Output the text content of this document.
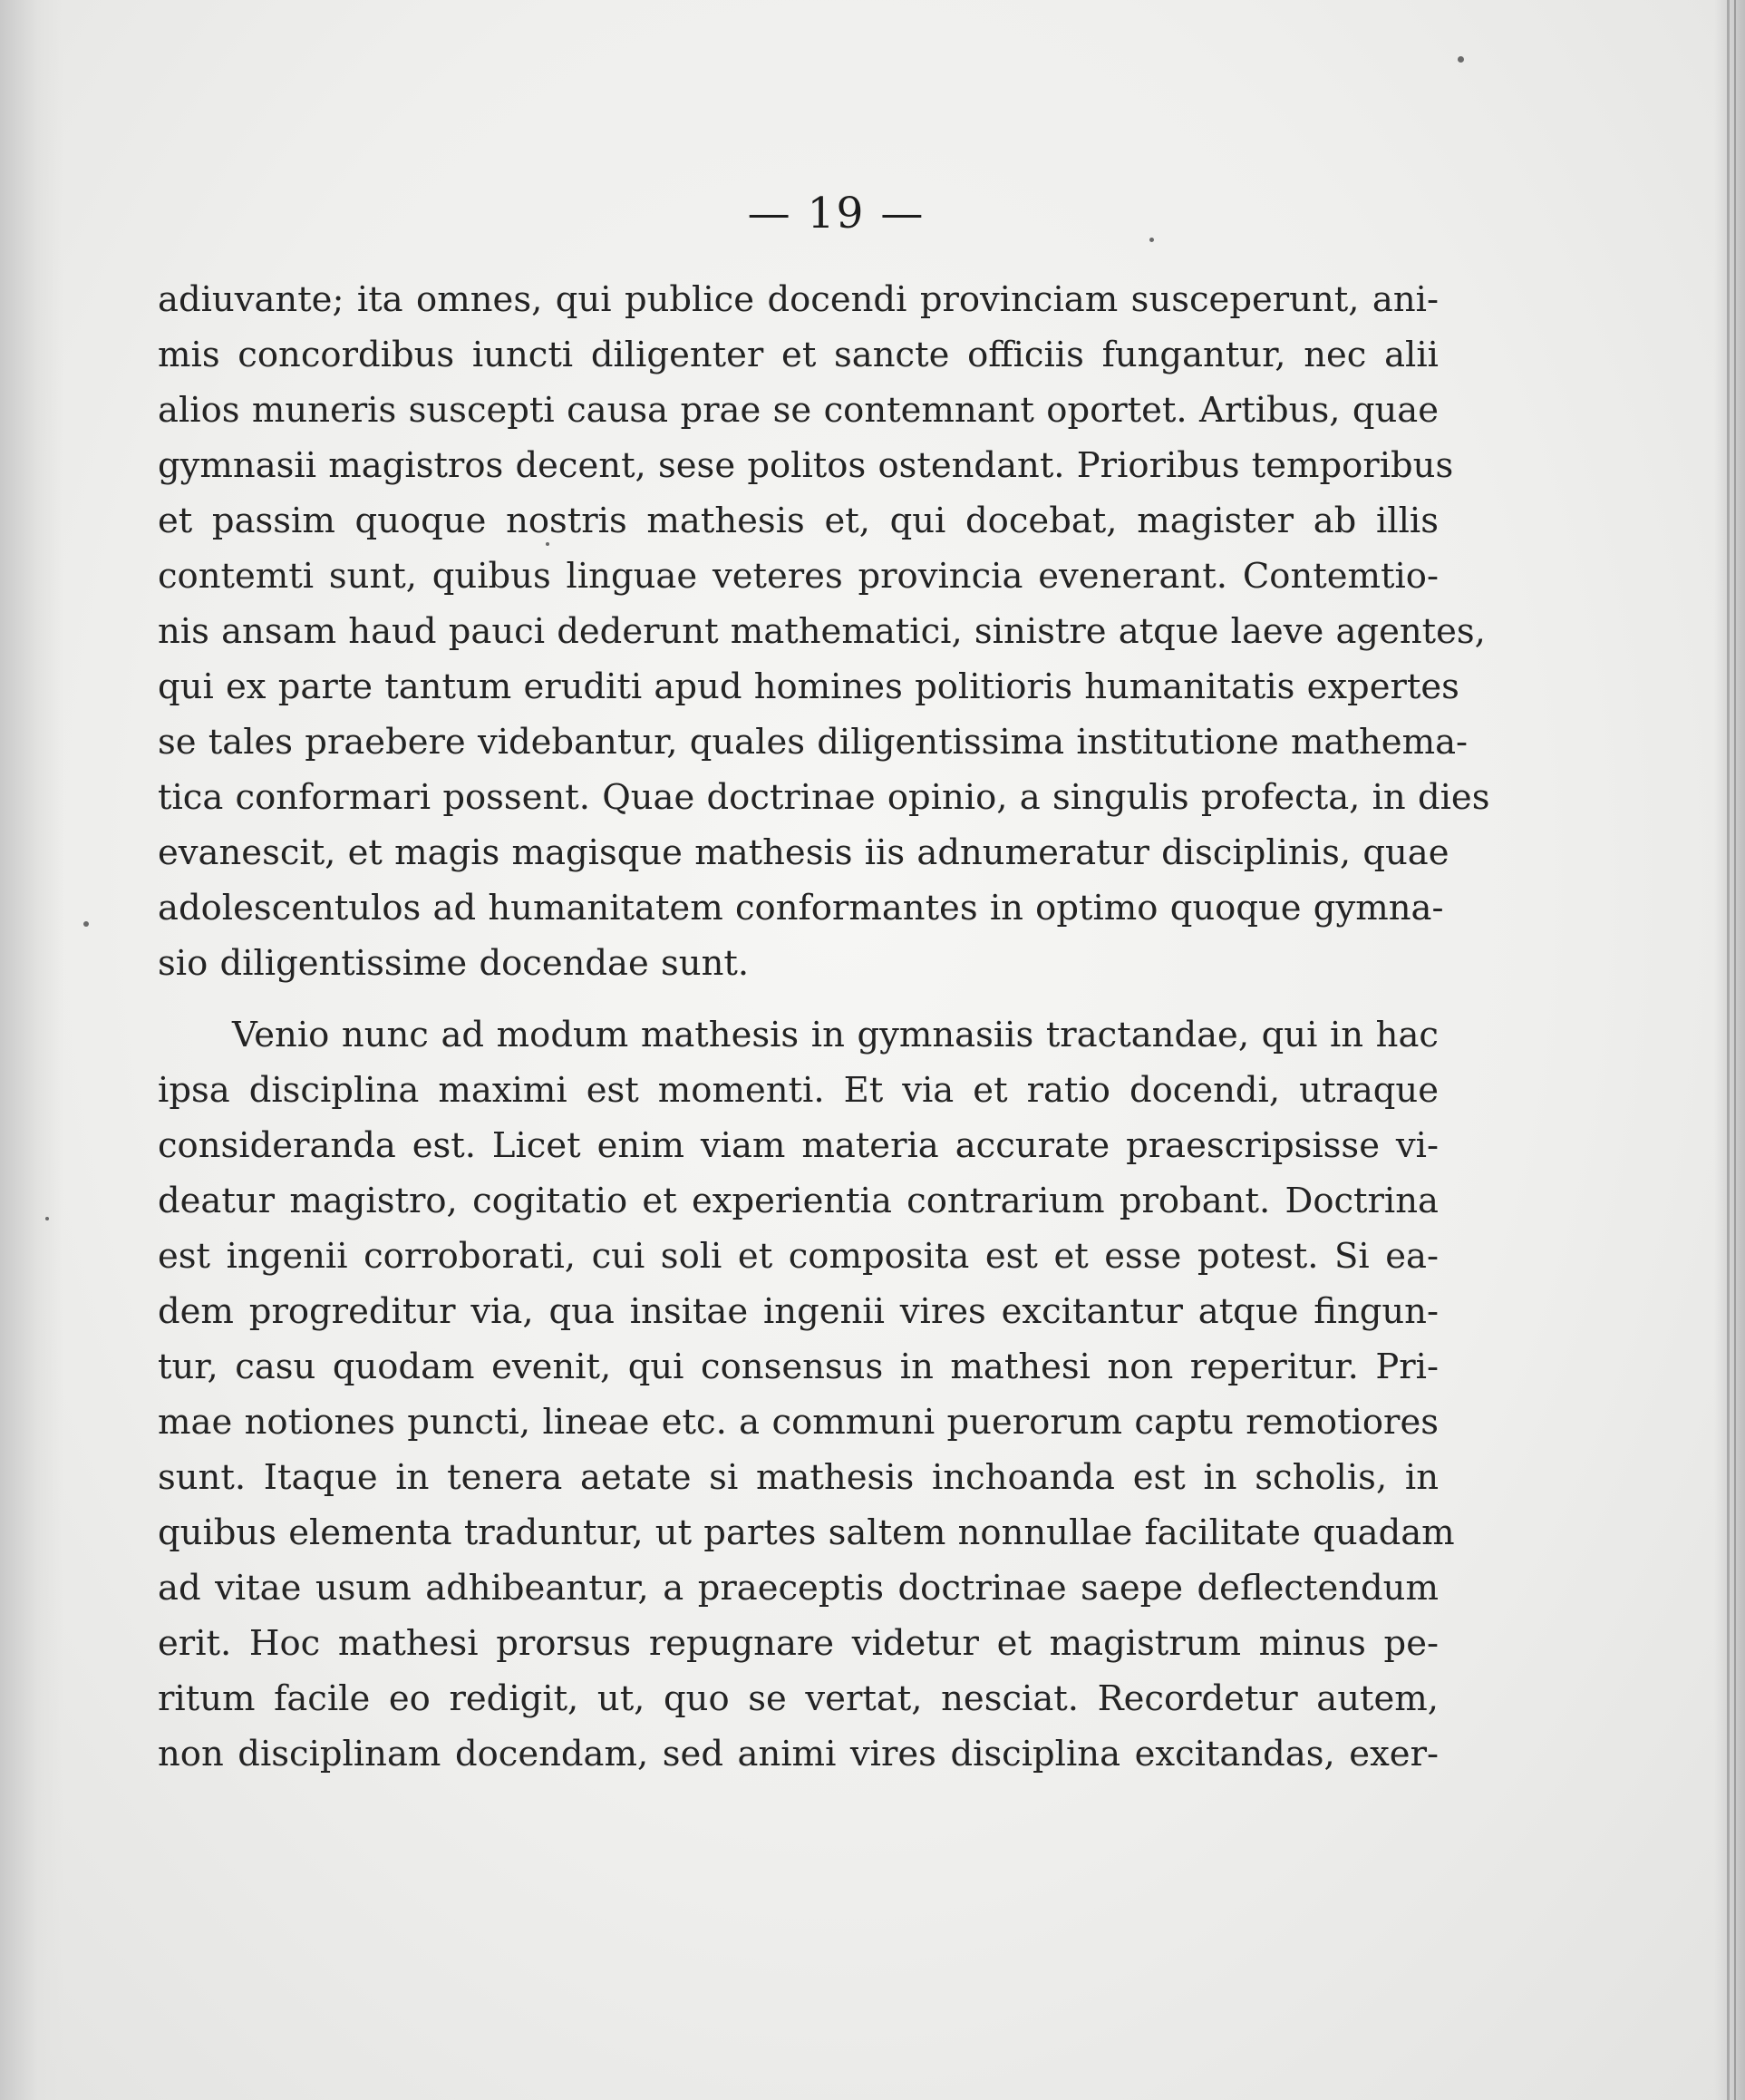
— 19 —
adiuvante; ita omnes, qui publice docendi provinciam susceperunt, ani-
mis concordibus iuncti diligenter et sancte officiis fungantur, nec alii
alios muneris suscepti causa prae se contemnant oportet. Artibus, quae
gymnasii magistros decent, sese politos ostendant. Prioribus temporibus
et passim quoque nostris mathesis et, qui docebat, magister ab illis
contemti sunt, quibus linguae veteres provincia evenerant. Contemtio-
nis ansam haud pauci dederunt mathematici, sinistre atque laeve agentes,
qui ex parte tantum eruditi apud homines politioris humanitatis expertes
se tales praebere videbantur, quales diligentissima institutione mathema-
tica conformari possent. Quae doctrinae opinio, a singulis profecta, in dies
evanescit, et magis magisque mathesis iis adnumeratur disciplinis, quae
adolescentulos ad humanitatem conformantes in optimo quoque gymna-
sio diligentissime docendae sunt.
Venio nunc ad modum mathesis in gymnasiis tractandae, qui in hac
ipsa disciplina maximi est momenti. Et via et ratio docendi, utraque
consideranda est. Licet enim viam materia accurate praescripsisse vi-
deatur magistro, cogitatio et experientia contrarium probant. Doctrina
est ingenii corroborati, cui soli et composita est et esse potest. Si ea-
dem progreditur via, qua insitae ingenii vires excitantur atque fingun-
tur, casu quodam evenit, qui consensus in mathesi non reperitur. Pri-
mae notiones puncti, lineae etc. a communi puerorum captu remotiores
sunt. Itaque in tenera aetate si mathesis inchoanda est in scholis, in
quibus elementa traduntur, ut partes saltem nonnullae facilitate quadam
ad vitae usum adhibeantur, a praeceptis doctrinae saepe deflectendum
erit. Hoc mathesi prorsus repugnare videtur et magistrum minus pe-
ritum facile eo redigit, ut, quo se vertat, nesciat. Recordetur autem,
non disciplinam docendam, sed animi vires disciplina excitandas, exer-
